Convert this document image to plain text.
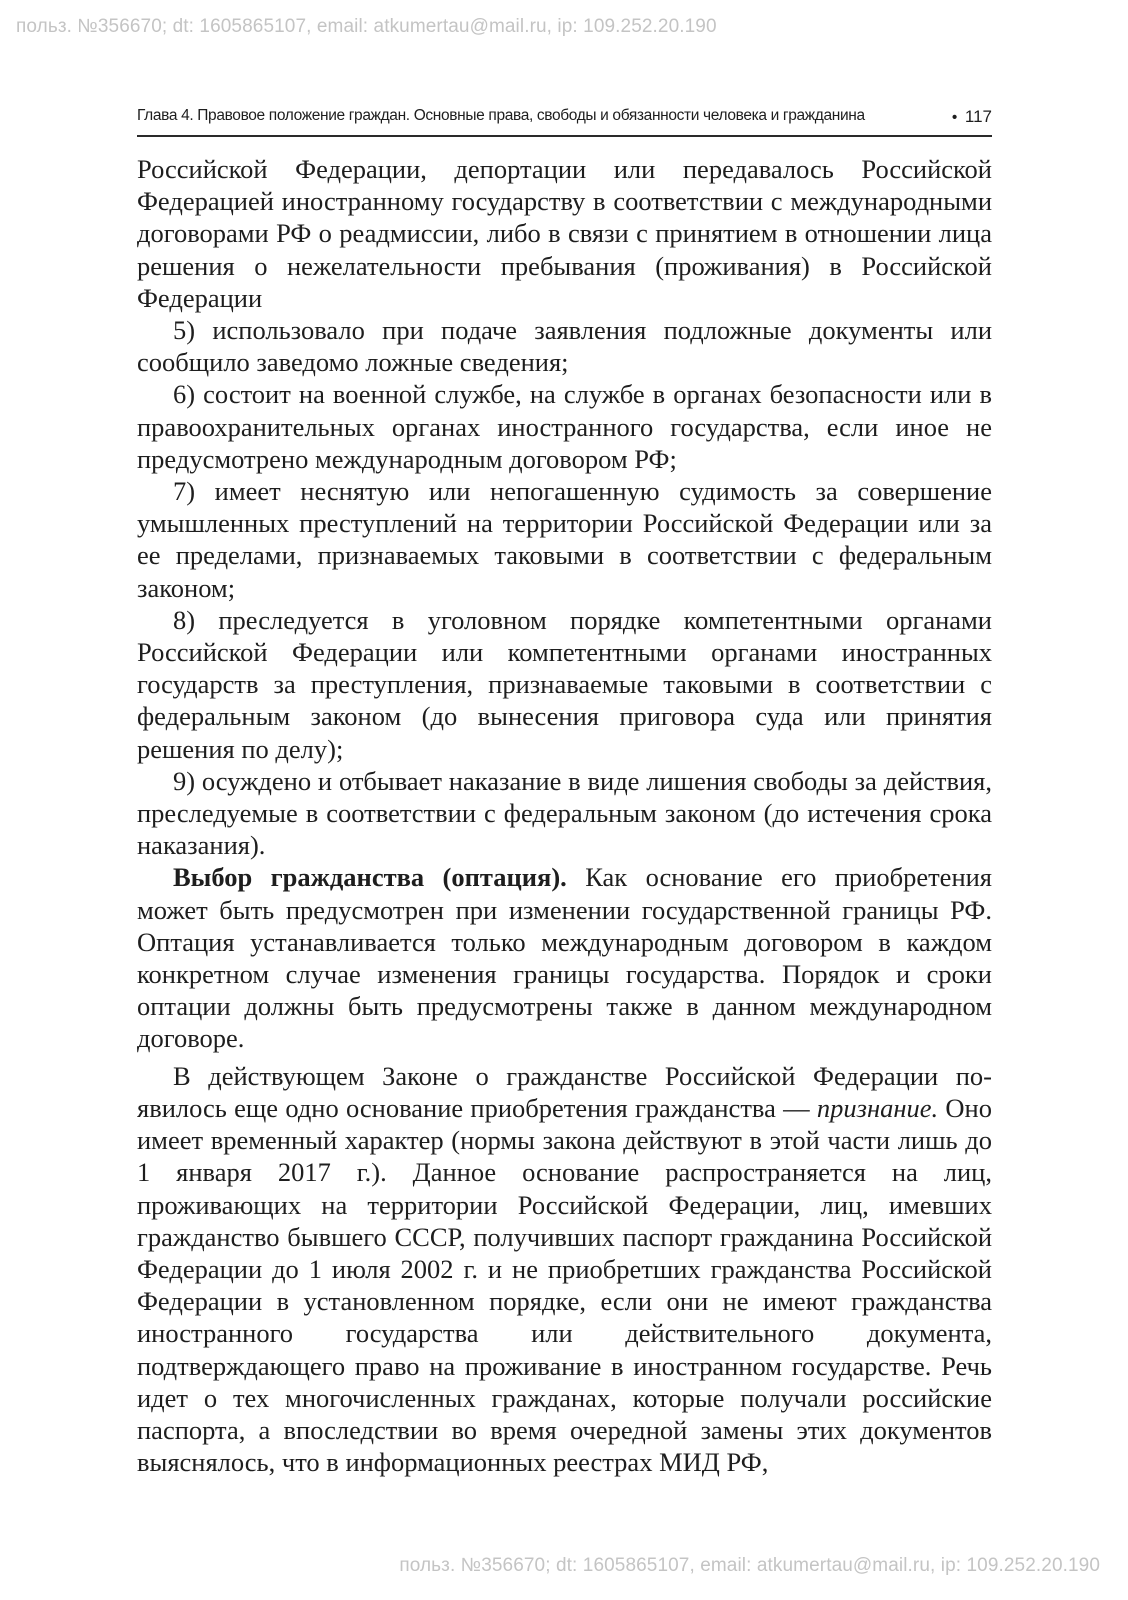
польз. №356670; dt: 1605865107, email: atkumertau@mail.ru, ip: 109.252.20.190
Глава 4. Правовое положение граждан. Основные права, свободы и обязанности человека и гражданина	• 117

Российской Федерации, депортации или передавалось Российской Федерацией иностранному государству в соответствии с международными договорами РФ о реадмиссии, либо в связи с принятием в отношении лица решения о нежелательности пребывания (проживания) в Российской Федерации

5) использовало при подаче заявления подложные документы или сообщило заведомо ложные сведения;

6) состоит на военной службе, на службе в органах безопасности или в правоохранительных органах иностранного государства, если иное не предусмотрено международным договором РФ;

7) имеет неснятую или непогашенную судимость за совершение умышленных преступлений на территории Российской Федерации или за ее пределами, признаваемых таковыми в соответствии с федеральным законом;

8) преследуется в уголовном порядке компетентными органами Российской Федерации или компетентными органами иностранных государств за преступления, признаваемые таковыми в соответствии с федеральным законом (до вынесения приговора суда или принятия решения по делу);

9) осуждено и отбывает наказание в виде лишения свободы за действия, преследуемые в соответствии с федеральным законом (до истечения срока наказания).

Выбор гражданства (оптация). Как основание его приобретения может быть предусмотрен при изменении государственной границы РФ. Оптация устанавливается только международным договором в каждом конкретном случае изменения границы государства. Порядок и сроки оптации должны быть предусмотрены также в данном международном договоре.

В действующем Законе о гражданстве Российской Федерации появилось еще одно основание приобретения гражданства — признание. Оно имеет временный характер (нормы закона действуют в этой части лишь до 1 января 2017 г.). Данное основание распространяется на лиц, проживающих на территории Российской Федерации, лиц, имевших гражданство бывшего СССР, получивших паспорт гражданина Российской Федерации до 1 июля 2002 г. и не приобретших гражданства Российской Федерации в установленном порядке, если они не имеют гражданства иностранного государства или действительного документа, подтверждающего право на проживание в иностранном государстве. Речь идет о тех многочисленных гражданах, которые получали российские паспорта, а впоследствии во время очередной замены этих документов выяснялось, что в информационных реестрах МИД РФ,

польз. №356670; dt: 1605865107, email: atkumertau@mail.ru, ip: 109.252.20.190
